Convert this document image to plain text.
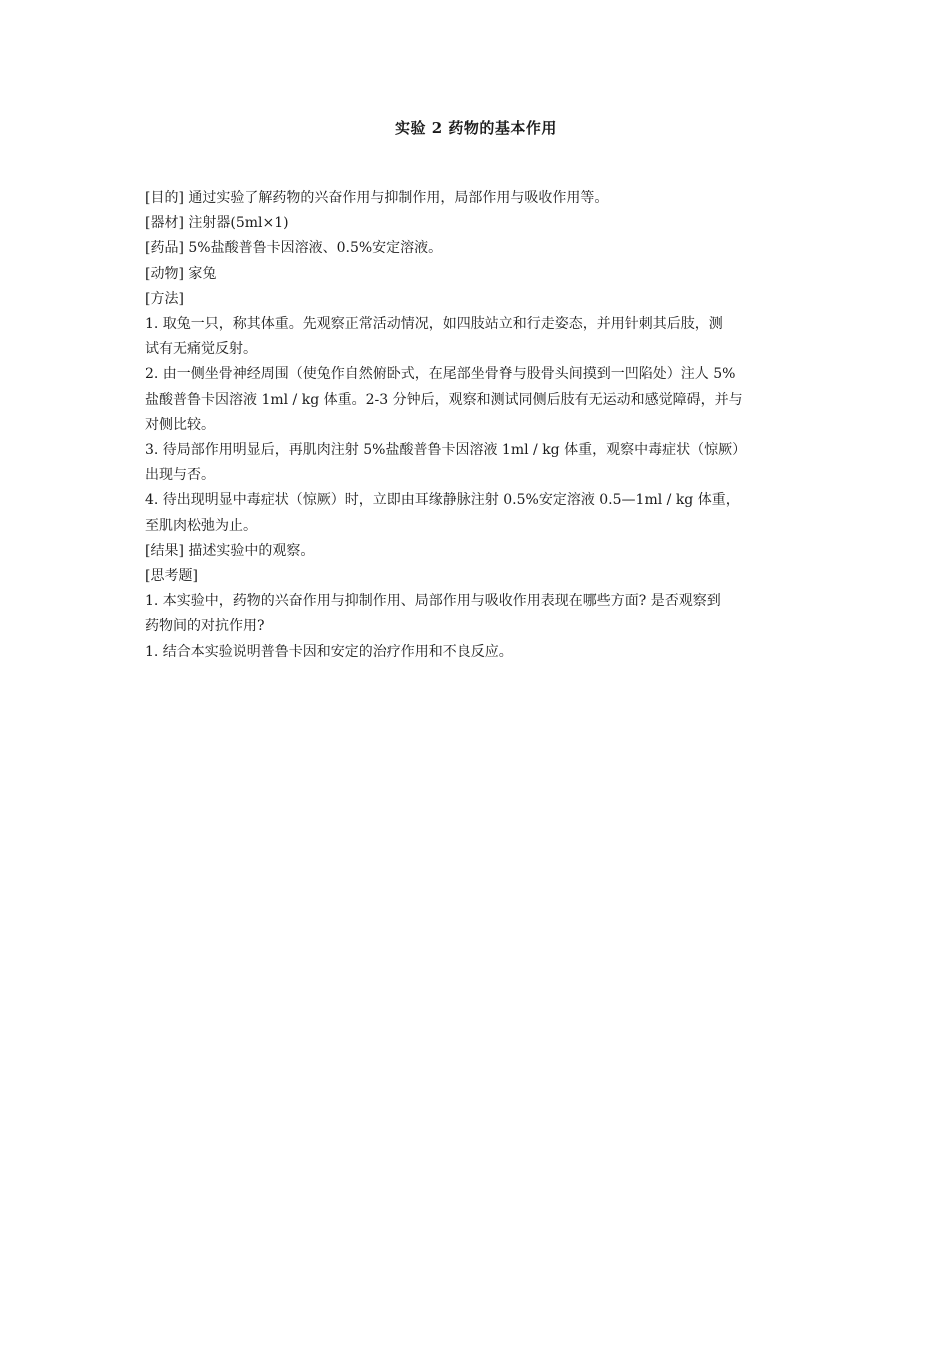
实验 2 药物的基本作用

[目的] 通过实验了解药物的兴奋作用与抑制作用，局部作用与吸收作用等。

[器材] 注射器(5ml×1)

[药品] 5%盐酸普鲁卡因溶液、0.5%安定溶液。

[动物] 家兔

[方法]

1. 取兔一只，称其体重。先观察正常活动情况，如四肢站立和行走姿态，并用针刺其后肢，测

试有无痛觉反射。

2. 由一侧坐骨神经周围（使兔作自然俯卧式，在尾部坐骨脊与股骨头间摸到一凹陷处）注人 5%

盐酸普鲁卡因溶液 1ml / kg 体重。2-3 分钟后，观察和测试同侧后肢有无运动和感觉障碍，并与

对侧比较。

3. 待局部作用明显后，再肌肉注射 5%盐酸普鲁卡因溶液 1ml / kg 体重，观察中毒症状（惊厥）

出现与否。

4. 待出现明显中毒症状（惊厥）时，立即由耳缘静脉注射 0.5%安定溶液 0.5—1ml / kg 体重，

至肌肉松弛为止。

[结果] 描述实验中的观察。

[思考题]

1. 本实验中，药物的兴奋作用与抑制作用、局部作用与吸收作用表现在哪些方面? 是否观察到

药物间的对抗作用?

1. 结合本实验说明普鲁卡因和安定的治疗作用和不良反应。
